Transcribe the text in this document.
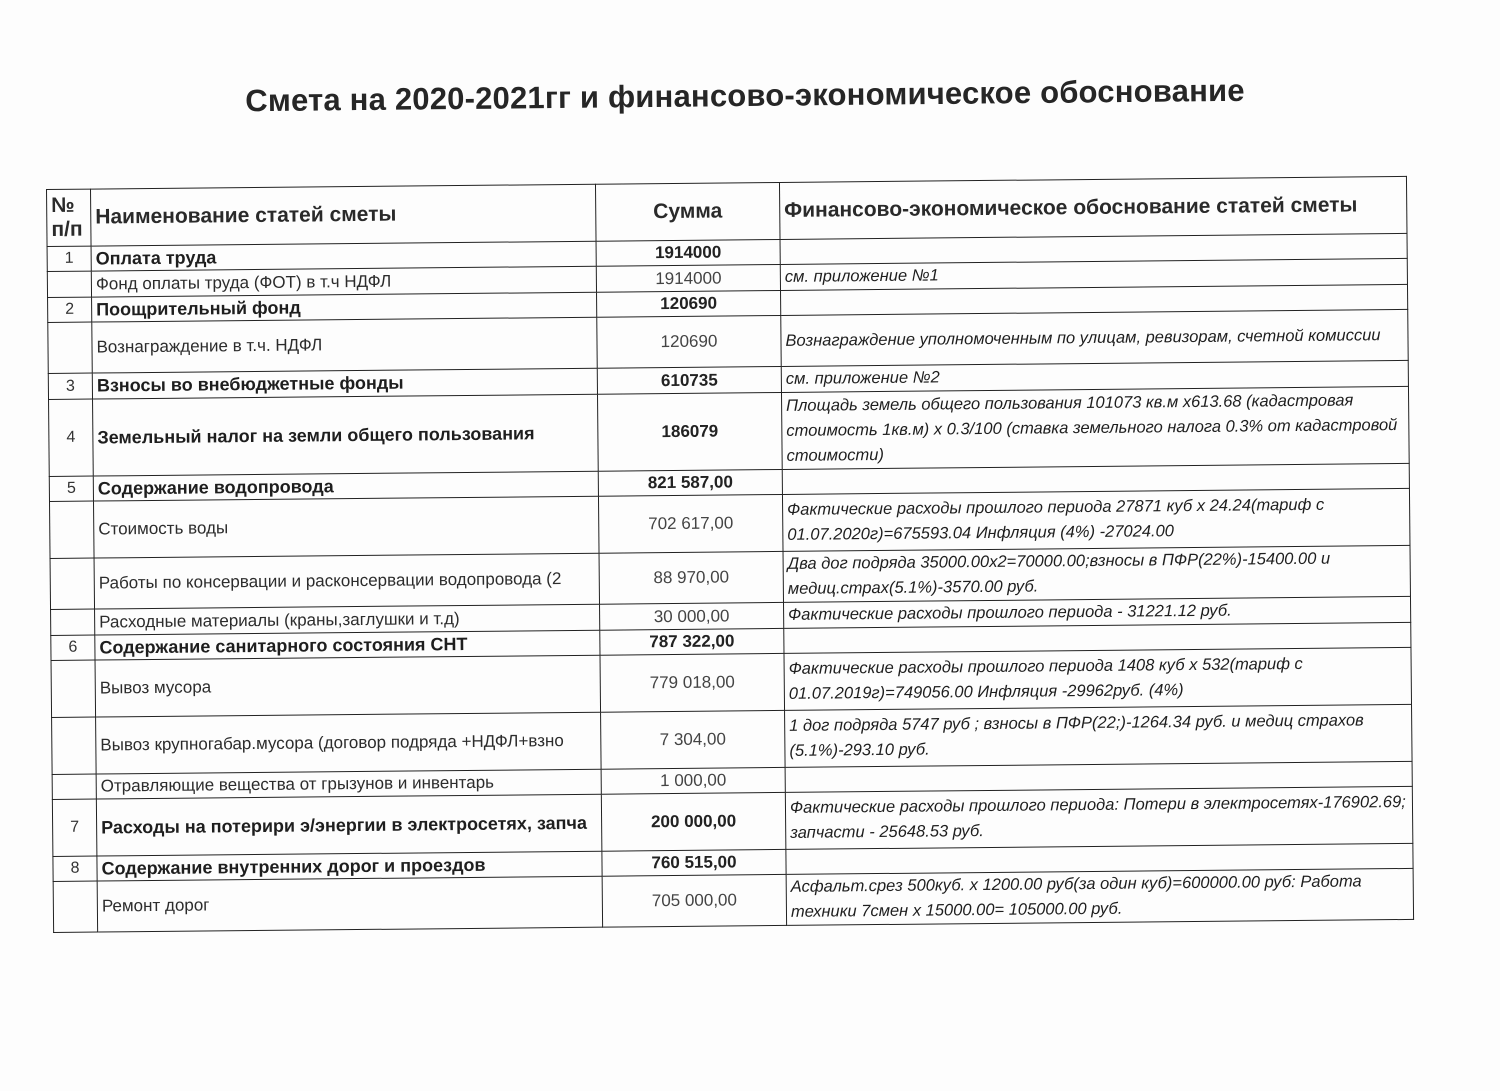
Смета на 2020-2021гг и финансово-экономическое обоснование
№ п/п	Наименование статей сметы	Сумма	Финансово-экономическое обоснование статей сметы
1	Оплата труда	1914000	
	Фонд оплаты труда (ФОТ) в т.ч НДФЛ	1914000	см. приложение №1
2	Поощрительный фонд	120690	
	Вознаграждение в т.ч. НДФЛ	120690	Вознаграждение уполномоченным по улицам, ревизорам, счетной комиссии
3	Взносы во внебюджетные фонды	610735	см. приложение №2
4	Земельный налог на земли общего пользования	186079	Площадь земель общего пользования 101073 кв.м х613.68 (кадастровая стоимость 1кв.м) х 0.3/100 (ставка земельного налога 0.3% от кадастровой стоимости)
5	Содержание водопровода	821 587,00	
	Стоимость воды	702 617,00	Фактические расходы прошлого периода 27871 куб х 24.24(тариф с 01.07.2020г)=675593.04 Инфляция (4%) -27024.00
	Работы по консервации и расконсервации водопровода (2	88 970,00	Два дог подряда 35000.00х2=70000.00;взносы в ПФР(22%)-15400.00 и медиц.страх(5.1%)-3570.00 руб.
	Расходные материалы (краны,заглушки и т.д)	30 000,00	Фактические расходы прошлого периода - 31221.12 руб.
6	Содержание санитарного состояния СНТ	787 322,00	
	Вывоз мусора	779 018,00	Фактические расходы прошлого периода 1408 куб х 532(тариф с 01.07.2019г)=749056.00 Инфляция -29962руб. (4%)
	Вывоз крупногабар.мусора (договор подряда +НДФЛ+взно	7 304,00	1 дог подряда 5747 руб ; взносы в ПФР(22;)-1264.34 руб. и медиц страхов (5.1%)-293.10 руб.
	Отравляющие вещества от грызунов и инвентарь	1 000,00	
7	Расходы на потерири э/энергии в электросетях, запча	200 000,00	Фактические расходы прошлого периода: Потери в электросетях-176902.69; запчасти - 25648.53 руб.
8	Содержание внутренних дорог и проездов	760 515,00	
	Ремонт дорог	705 000,00	Асфальт.срез 500куб. х 1200.00 руб(за один куб)=600000.00 руб: Работа техники 7смен х 15000.00= 105000.00 руб.
